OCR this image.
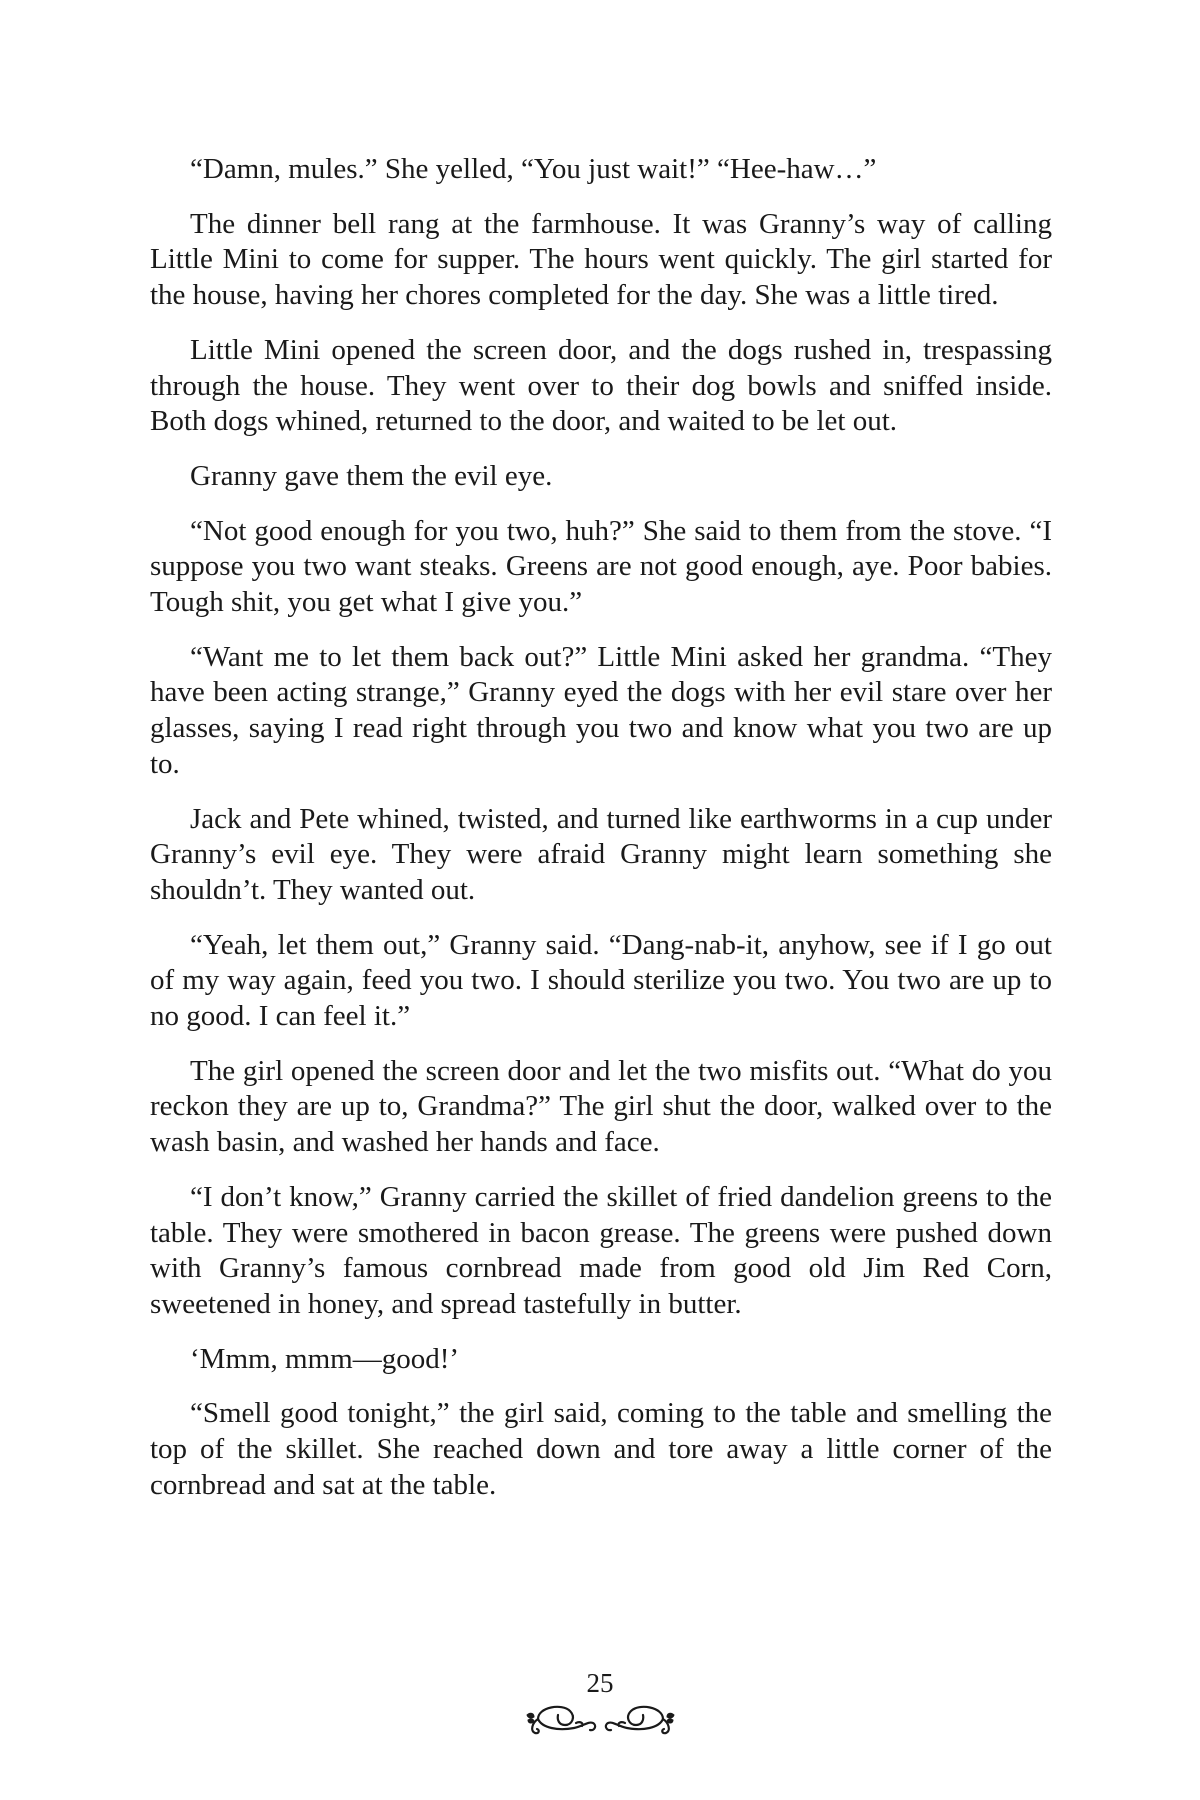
“Damn, mules.” She yelled, “You just wait!” “Hee-haw…”

The dinner bell rang at the farmhouse. It was Granny’s way of calling Little Mini to come for supper. The hours went quickly. The girl started for the house, having her chores completed for the day. She was a little tired.

Little Mini opened the screen door, and the dogs rushed in, trespassing through the house. They went over to their dog bowls and sniffed inside. Both dogs whined, returned to the door, and waited to be let out.

Granny gave them the evil eye.

“Not good enough for you two, huh?” She said to them from the stove. “I suppose you two want steaks. Greens are not good enough, aye. Poor babies. Tough shit, you get what I give you.”

“Want me to let them back out?” Little Mini asked her grandma. “They have been acting strange,” Granny eyed the dogs with her evil stare over her glasses, saying I read right through you two and know what you two are up to.

Jack and Pete whined, twisted, and turned like earthworms in a cup under Granny’s evil eye. They were afraid Granny might learn something she shouldn’t. They wanted out.

“Yeah, let them out,” Granny said. “Dang-nab-it, anyhow, see if I go out of my way again, feed you two. I should sterilize you two. You two are up to no good. I can feel it.”

The girl opened the screen door and let the two misfits out. “What do you reckon they are up to, Grandma?” The girl shut the door, walked over to the wash basin, and washed her hands and face.

“I don’t know,” Granny carried the skillet of fried dandelion greens to the table. They were smothered in bacon grease. The greens were pushed down with Granny’s famous cornbread made from good old Jim Red Corn, sweetened in honey, and spread tastefully in butter.

‘Mmm, mmm—good!’

“Smell good tonight,” the girl said, coming to the table and smelling the top of the skillet. She reached down and tore away a little corner of the cornbread and sat at the table.

25
